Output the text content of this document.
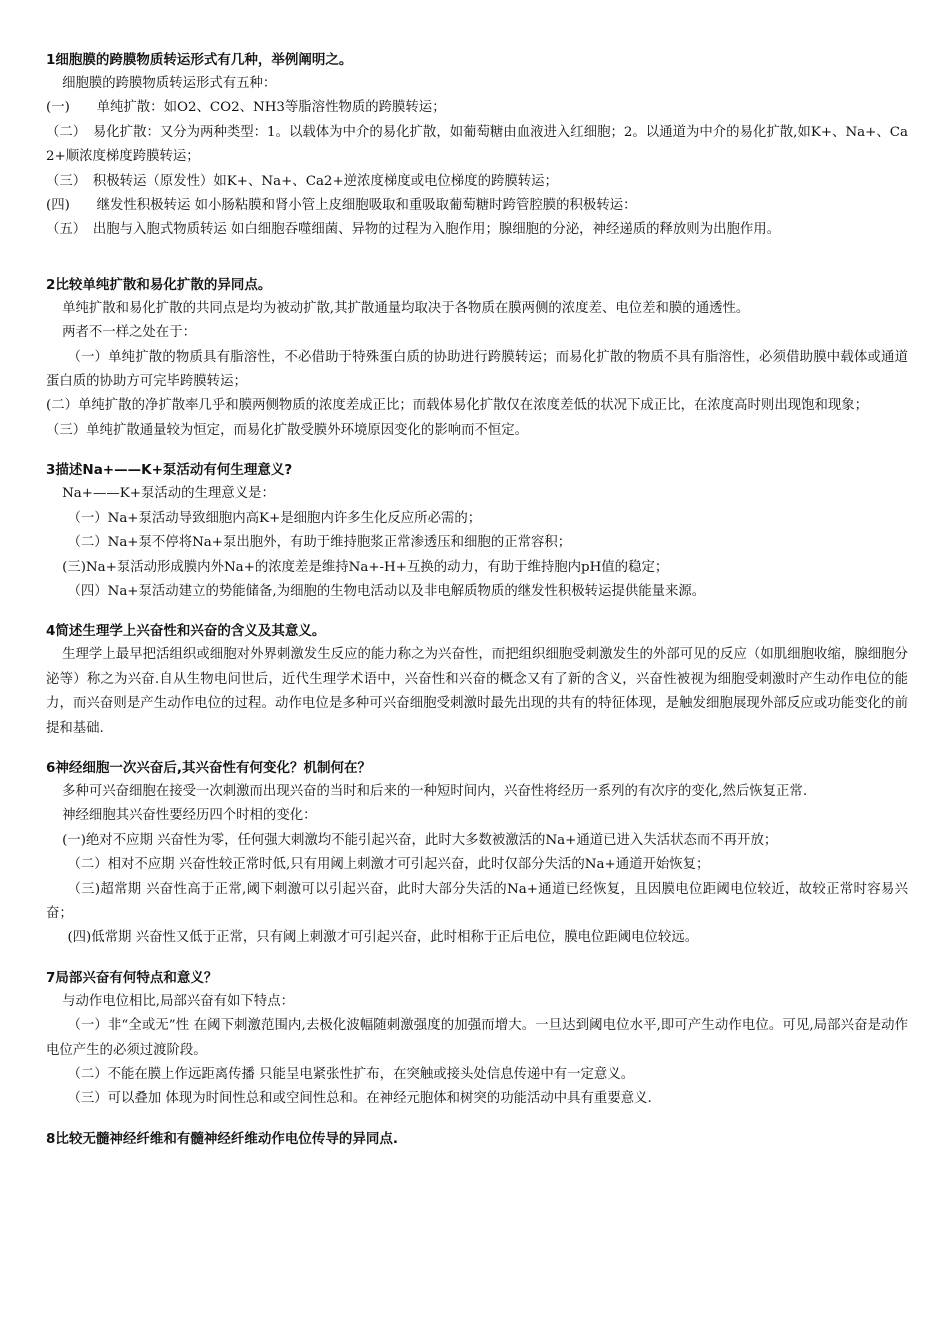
1细胞膜的跨膜物质转运形式有几种，举例阐明之。

细胞膜的跨膜物质转运形式有五种：

(一)　　单纯扩散：如O2、CO2、NH3等脂溶性物质的跨膜转运；

（二）　易化扩散：又分为两种类型：1。以载体为中介的易化扩散，如葡萄糖由血液进入红细胞；2。以通道为中介的易化扩散,如K+、Na+、Ca2+顺浓度梯度跨膜转运；

（三）　积极转运（原发性）如K+、Na+、Ca2+逆浓度梯度或电位梯度的跨膜转运；

(四)　　继发性积极转运 如小肠粘膜和肾小管上皮细胞吸取和重吸取葡萄糖时跨管腔膜的积极转运：

（五）　出胞与入胞式物质转运 如白细胞吞噬细菌、异物的过程为入胞作用；腺细胞的分泌，神经递质的释放则为出胞作用。

2比较单纯扩散和易化扩散的异同点。

单纯扩散和易化扩散的共同点是均为被动扩散,其扩散通量均取决于各物质在膜两侧的浓度差、电位差和膜的通透性。

两者不一样之处在于：

（一）单纯扩散的物质具有脂溶性，不必借助于特殊蛋白质的协助进行跨膜转运；而易化扩散的物质不具有脂溶性，必须借助膜中载体或通道蛋白质的协助方可完毕跨膜转运；

(二）单纯扩散的净扩散率几乎和膜两侧物质的浓度差成正比；而载体易化扩散仅在浓度差低的状况下成正比，在浓度高时则出现饱和现象；

（三）单纯扩散通量较为恒定，而易化扩散受膜外环境原因变化的影响而不恒定。

3描述Na+——K+泵活动有何生理意义?

Na+——K+泵活动的生理意义是：

（一）Na+泵活动导致细胞内高K+是细胞内许多生化反应所必需的；

（二）Na+泵不停将Na+泵出胞外，有助于维持胞浆正常渗透压和细胞的正常容积；

(三)Na+泵活动形成膜内外Na+的浓度差是维持Na+-H+互换的动力，有助于维持胞内pH值的稳定；

（四）Na+泵活动建立的势能储备,为细胞的生物电活动以及非电解质物质的继发性积极转运提供能量来源。

4简述生理学上兴奋性和兴奋的含义及其意义。

生理学上最早把活组织或细胞对外界刺激发生反应的能力称之为兴奋性，而把组织细胞受刺激发生的外部可见的反应（如肌细胞收缩，腺细胞分泌等）称之为兴奋.自从生物电问世后，近代生理学术语中，兴奋性和兴奋的概念又有了新的含义，兴奋性被视为细胞受刺激时产生动作电位的能力，而兴奋则是产生动作电位的过程。动作电位是多种可兴奋细胞受刺激时最先出现的共有的特征体现，是触发细胞展现外部反应或功能变化的前提和基础.

6神经细胞一次兴奋后,其兴奋性有何变化？机制何在？

多种可兴奋细胞在接受一次刺激而出现兴奋的当时和后来的一种短时间内，兴奋性将经历一系列的有次序的变化,然后恢复正常.

神经细胞其兴奋性要经历四个时相的变化：

(一)绝对不应期 兴奋性为零，任何强大刺激均不能引起兴奋，此时大多数被激活的Na+通道已进入失活状态而不再开放；

（二）相对不应期 兴奋性较正常时低,只有用阈上刺激才可引起兴奋，此时仅部分失活的Na+通道开始恢复；

（三)超常期 兴奋性高于正常,阈下刺激可以引起兴奋，此时大部分失活的Na+通道已经恢复，且因膜电位距阈电位较近，故较正常时容易兴奋；

(四)低常期 兴奋性又低于正常，只有阈上刺激才可引起兴奋，此时相称于正后电位，膜电位距阈电位较远。

7局部兴奋有何特点和意义？

与动作电位相比,局部兴奋有如下特点：

（一）非“全或无”性 在阈下刺激范围内,去极化波幅随刺激强度的加强而增大。一旦达到阈电位水平,即可产生动作电位。可见,局部兴奋是动作电位产生的必须过渡阶段。

（二）不能在膜上作远距离传播 只能呈电紧张性扩布，在突触或接头处信息传递中有一定意义。

（三）可以叠加 体现为时间性总和或空间性总和。在神经元胞体和树突的功能活动中具有重要意义.

8比较无髓神经纤维和有髓神经纤维动作电位传导的异同点.
